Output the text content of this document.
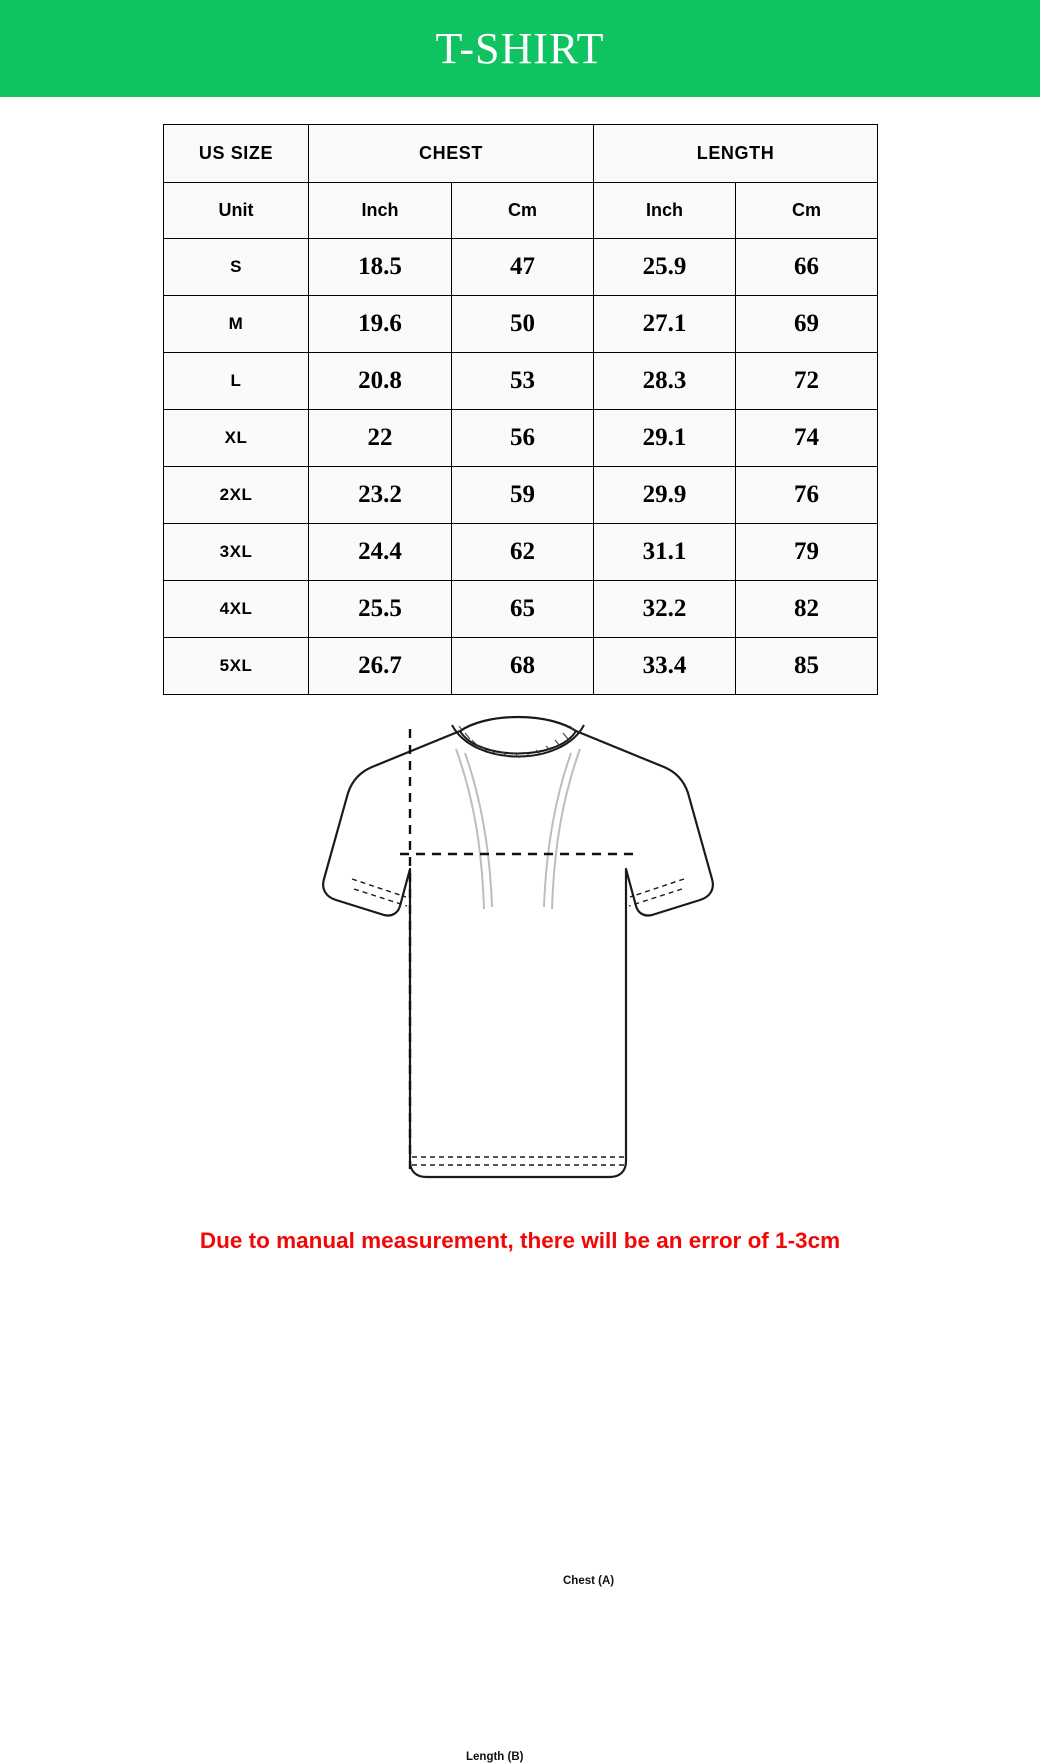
T-SHIRT
US SIZE	CHEST		LENGTH	
Unit	Inch	Cm	Inch	Cm
S	18.5	47	25.9	66
M	19.6	50	27.1	69
L	20.8	53	28.3	72
XL	22	56	29.1	74
2XL	23.2	59	29.9	76
3XL	24.4	62	31.1	79
4XL	25.5	65	32.2	82
5XL	26.7	68	33.4	85
Chest (A)
Length (B)
Due to manual measurement, there will be an error of 1-3cm
